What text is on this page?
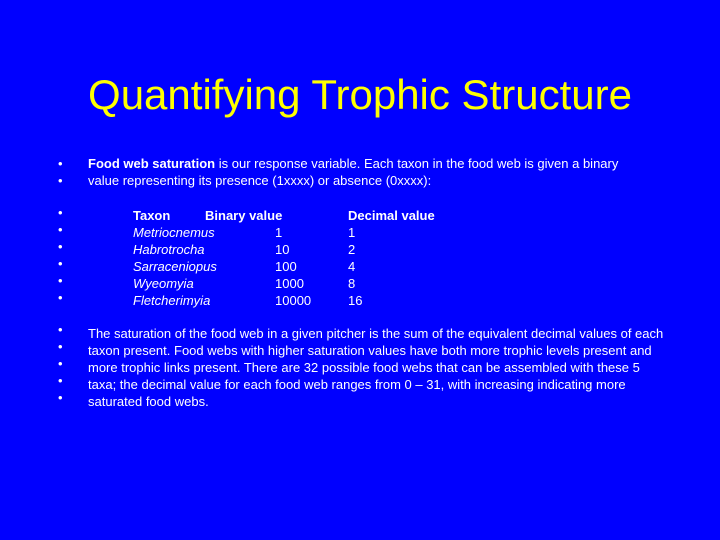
Quantifying Trophic Structure
•
•
•
•
•
•
•
•
•
•
•
•
•
Food web saturation is our response variable. Each taxon in the food web is given a binary value representing its presence (1xxxx) or absence (0xxxx):
Taxon	Binary value	Decimal value
Metriocnemus	1	1
Habrotrocha	10	2
Sarraceniopus	100	4
Wyeomyia	1000	8
Fletcherimyia	10000	16
The saturation of the food web in a given pitcher is the sum of the equivalent decimal values of each taxon present. Food webs with higher saturation values have both more trophic levels present and more trophic links present. There are 32 possible food webs that can be assembled with these 5 taxa; the decimal value for each food web ranges from 0 – 31, with increasing indicating more saturated food webs.
